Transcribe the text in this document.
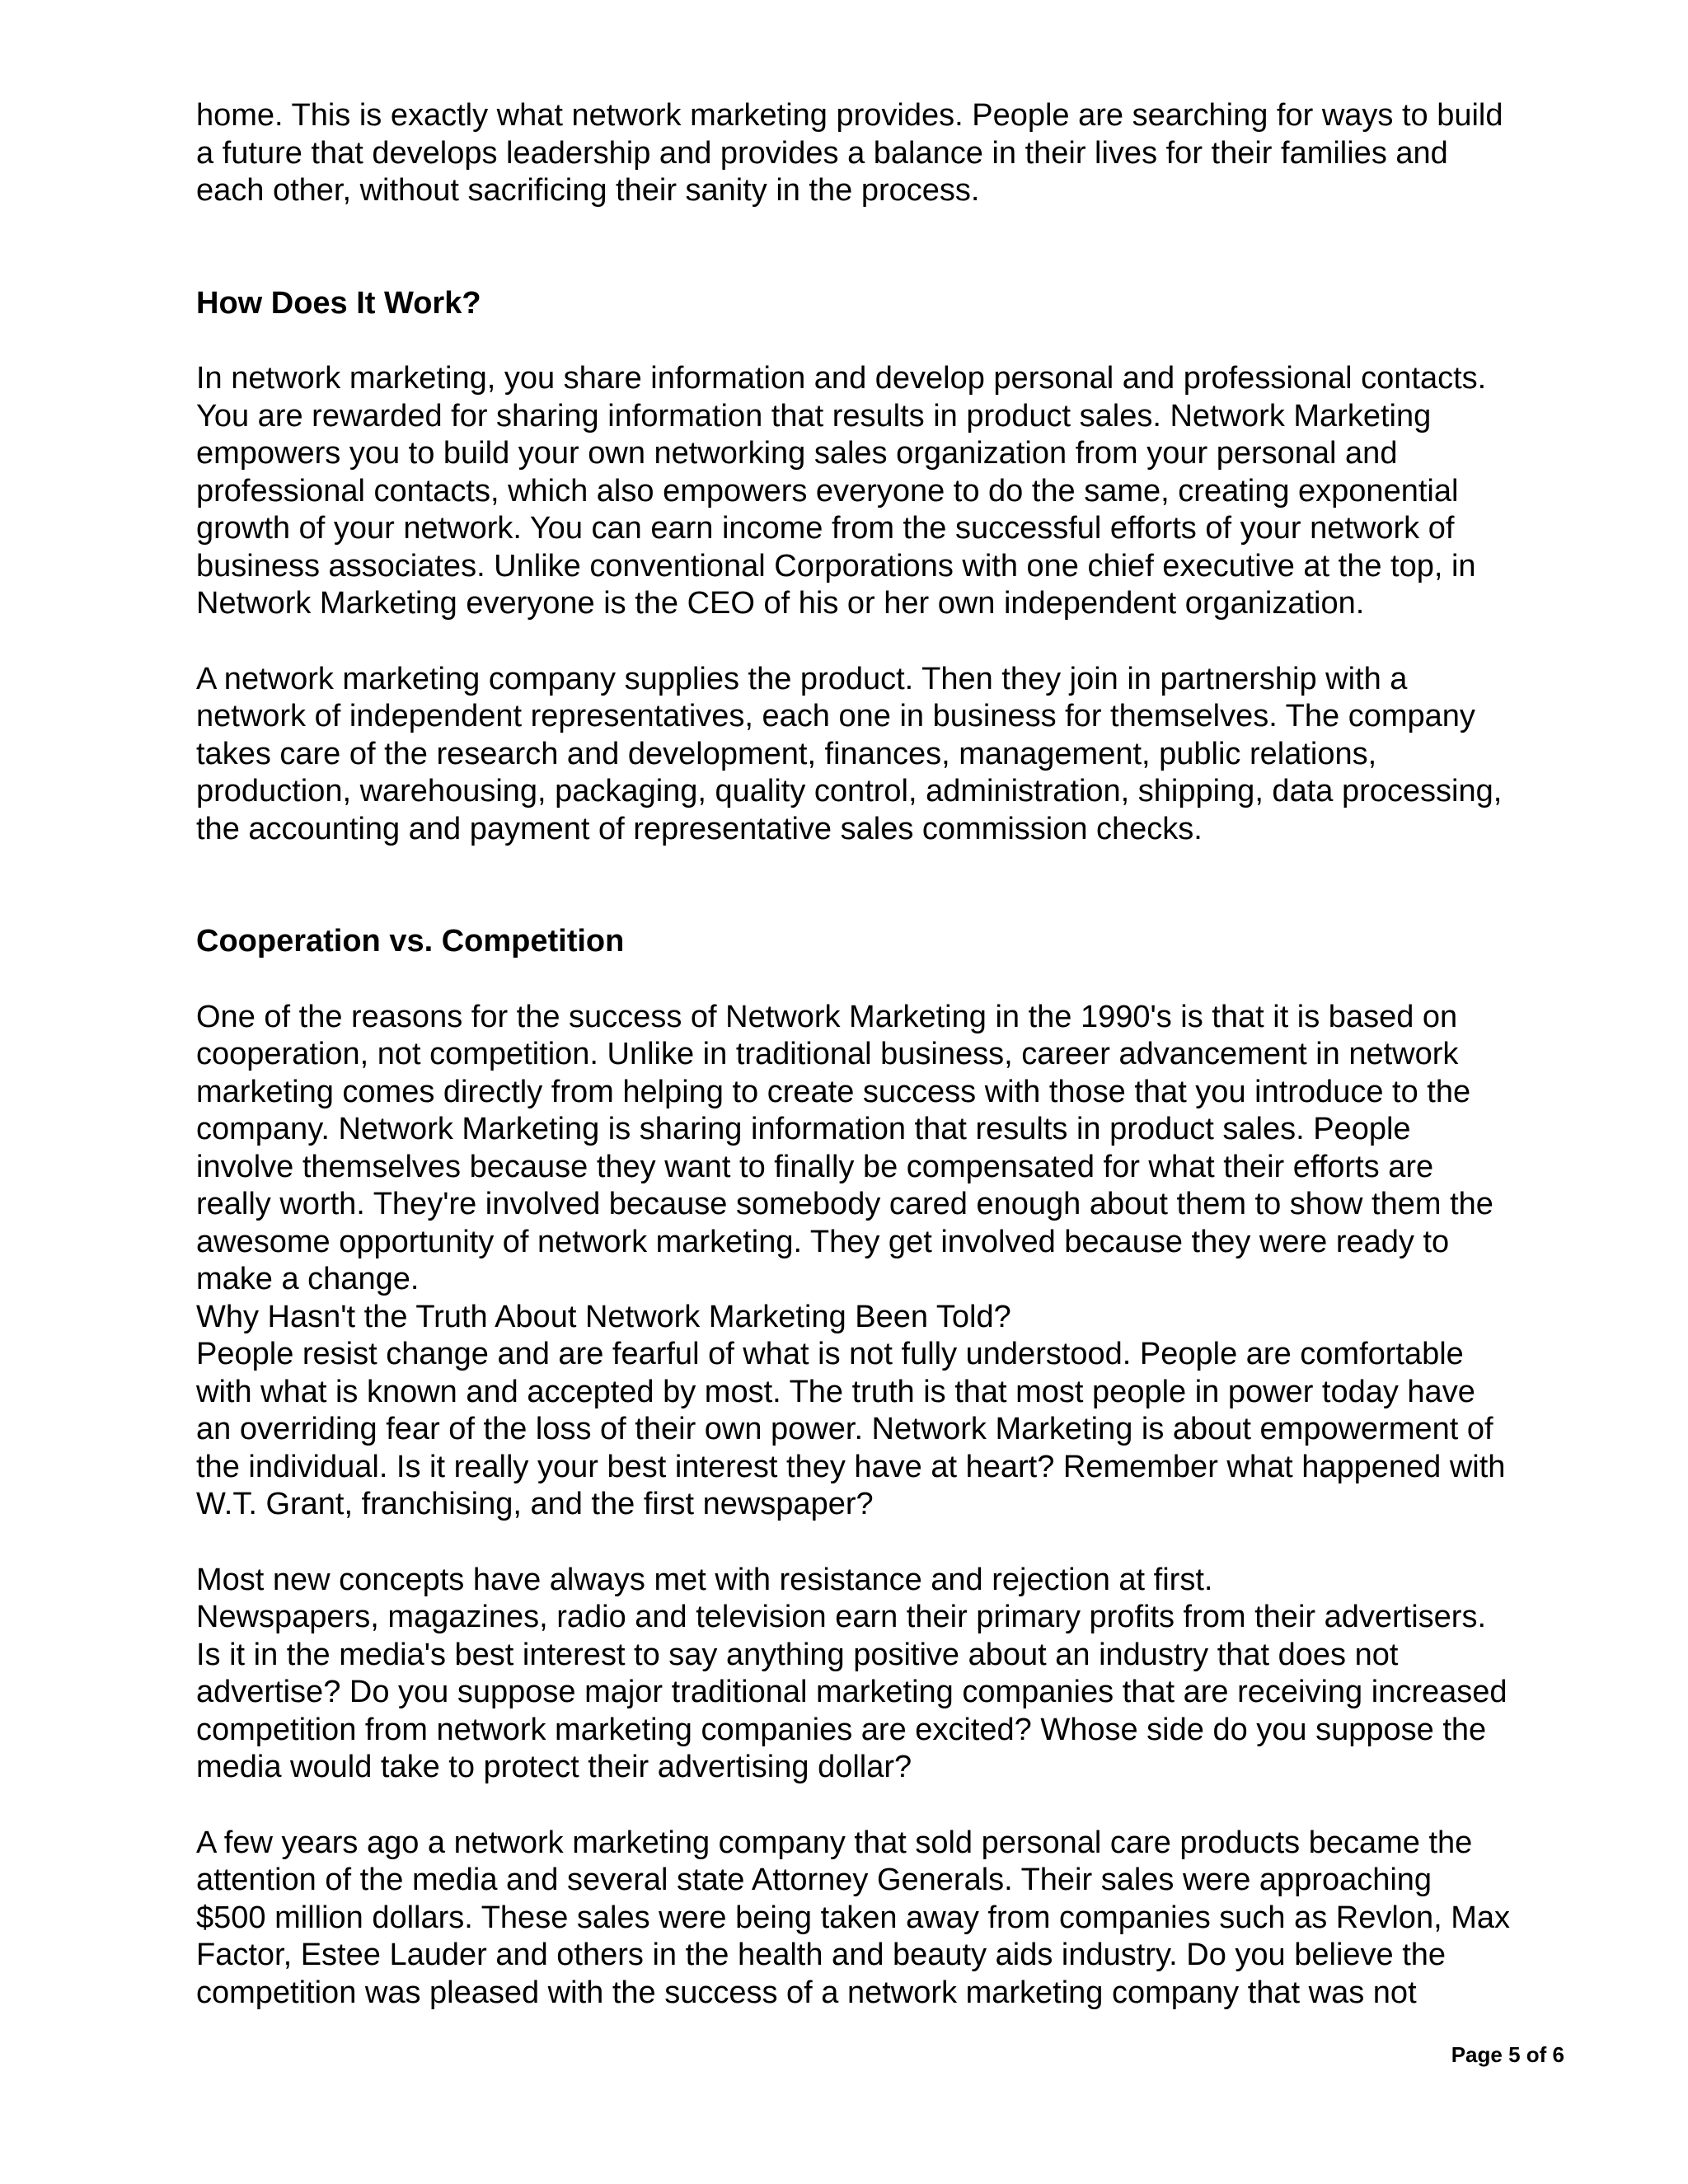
home. This is exactly what network marketing provides. People are searching for ways to build
a future that develops leadership and provides a balance in their lives for their families and
each other, without sacrificing their sanity in the process.

How Does It Work?

In network marketing, you share information and develop personal and professional contacts.
You are rewarded for sharing information that results in product sales. Network Marketing
empowers you to build your own networking sales organization from your personal and
professional contacts, which also empowers everyone to do the same, creating exponential
growth of your network. You can earn income from the successful efforts of your network of
business associates. Unlike conventional Corporations with one chief executive at the top, in
Network Marketing everyone is the CEO of his or her own independent organization.

A network marketing company supplies the product. Then they join in partnership with a
network of independent representatives, each one in business for themselves. The company
takes care of the research and development, finances, management, public relations,
production, warehousing, packaging, quality control, administration, shipping, data processing,
the accounting and payment of representative sales commission checks.

Cooperation vs. Competition

One of the reasons for the success of Network Marketing in the 1990's is that it is based on
cooperation, not competition. Unlike in traditional business, career advancement in network
marketing comes directly from helping to create success with those that you introduce to the
company. Network Marketing is sharing information that results in product sales. People
involve themselves because they want to finally be compensated for what their efforts are
really worth. They're involved because somebody cared enough about them to show them the
awesome opportunity of network marketing. They get involved because they were ready to
make a change.
Why Hasn't the Truth About Network Marketing Been Told?
People resist change and are fearful of what is not fully understood. People are comfortable
with what is known and accepted by most. The truth is that most people in power today have
an overriding fear of the loss of their own power. Network Marketing is about empowerment of
the individual. Is it really your best interest they have at heart? Remember what happened with
W.T. Grant, franchising, and the first newspaper?

Most new concepts have always met with resistance and rejection at first.
Newspapers, magazines, radio and television earn their primary profits from their advertisers.
Is it in the media's best interest to say anything positive about an industry that does not
advertise? Do you suppose major traditional marketing companies that are receiving increased
competition from network marketing companies are excited? Whose side do you suppose the
media would take to protect their advertising dollar?

A few years ago a network marketing company that sold personal care products became the
attention of the media and several state Attorney Generals. Their sales were approaching
$500 million dollars. These sales were being taken away from companies such as Revlon, Max
Factor, Estee Lauder and others in the health and beauty aids industry. Do you believe the
competition was pleased with the success of a network marketing company that was not

Page 5 of 6
